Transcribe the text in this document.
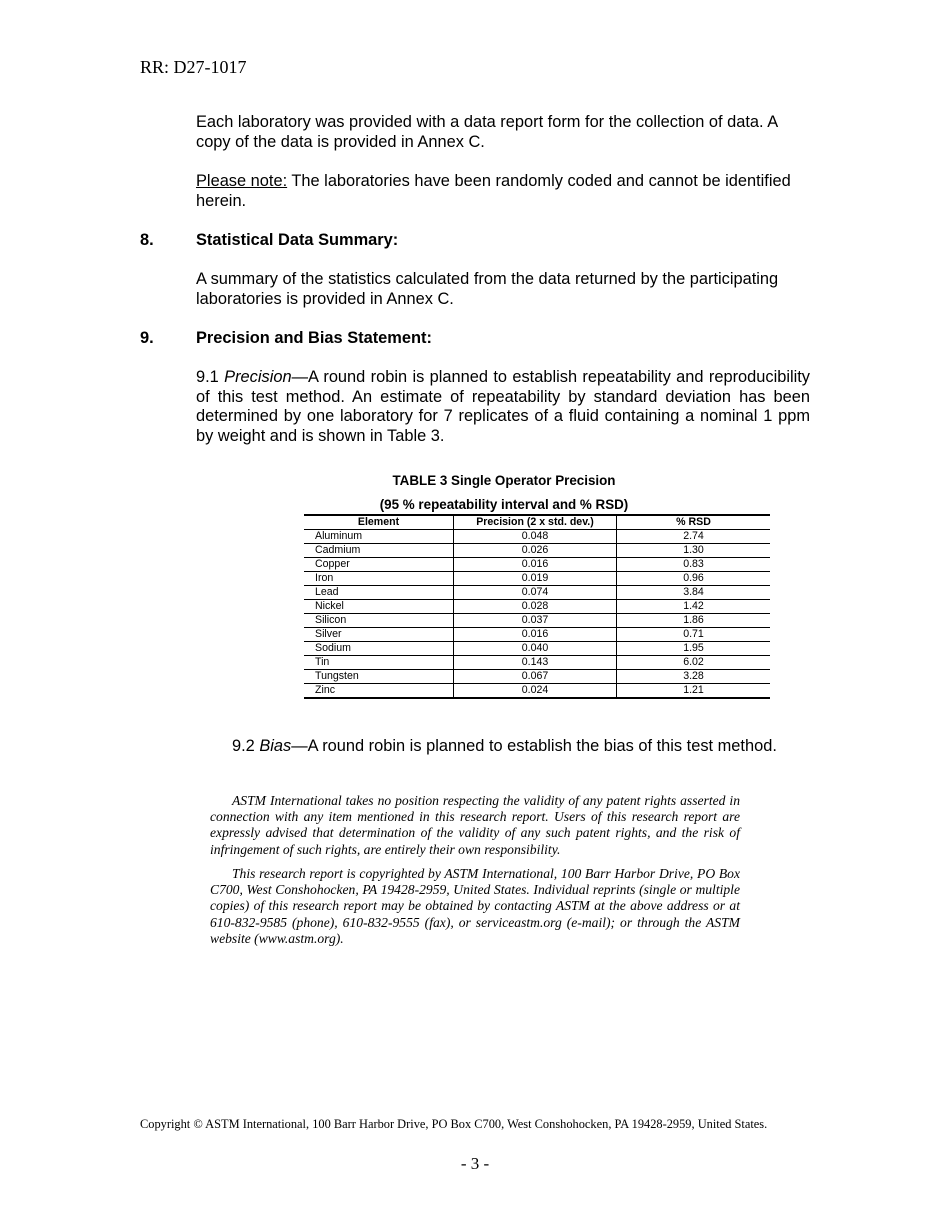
RR: D27-1017

Each laboratory was provided with a data report form for the collection of data. A copy of the data is provided in Annex C.

Please note: The laboratories have been randomly coded and cannot be identified herein.

8.	Statistical Data Summary:

A summary of the statistics calculated from the data returned by the participating laboratories is provided in Annex C.

9.	Precision and Bias Statement:

9.1 Precision—A round robin is planned to establish repeatability and reproducibility of this test method. An estimate of repeatability by standard deviation has been determined by one laboratory for 7 replicates of a fluid containing a nominal 1 ppm by weight and is shown in Table 3.

TABLE 3 Single Operator Precision
(95 % repeatability interval and % RSD)
Element	Precision (2 x std. dev.)	% RSD
Aluminum	0.048	2.74
Cadmium	0.026	1.30
Copper	0.016	0.83
Iron	0.019	0.96
Lead	0.074	3.84
Nickel	0.028	1.42
Silicon	0.037	1.86
Silver	0.016	0.71
Sodium	0.040	1.95
Tin	0.143	6.02
Tungsten	0.067	3.28
Zinc	0.024	1.21
9.2 Bias—A round robin is planned to establish the bias of this test method.

ASTM International takes no position respecting the validity of any patent rights asserted in connection with any item mentioned in this research report. Users of this research report are expressly advised that determination of the validity of any such patent rights, and the risk of infringement of such rights, are entirely their own responsibility.

This research report is copyrighted by ASTM International, 100 Barr Harbor Drive, PO Box C700, West Conshohocken, PA 19428-2959, United States. Individual reprints (single or multiple copies) of this research report may be obtained by contacting ASTM at the above address or at 610-832-9585 (phone), 610-832-9555 (fax), or serviceastm.org (e-mail); or through the ASTM website (www.astm.org).

Copyright © ASTM International, 100 Barr Harbor Drive, PO Box C700, West Conshohocken, PA 19428-2959, United States.
- 3 -
